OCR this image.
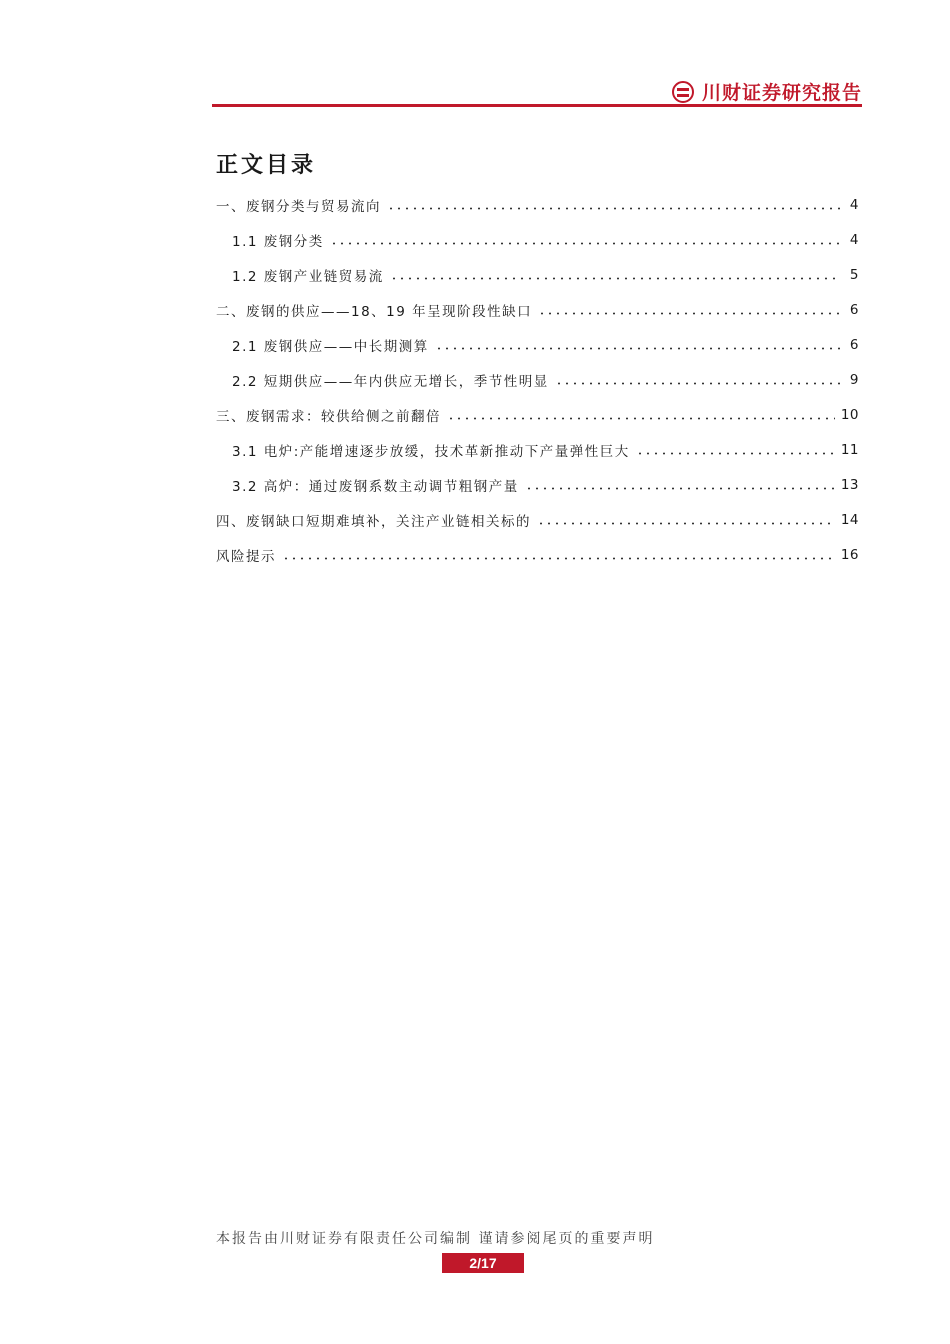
川财证券研究报告
正文目录
一、废钢分类与贸易流向	4
1.1 废钢分类	4
1.2 废钢产业链贸易流	5
二、废钢的供应——18、19 年呈现阶段性缺口	6
2.1 废钢供应——中长期测算	6
2.2 短期供应——年内供应无增长，季节性明显	9
三、废钢需求：较供给侧之前翻倍	10
3.1 电炉:产能增速逐步放缓，技术革新推动下产量弹性巨大	11
3.2 高炉：通过废钢系数主动调节粗钢产量	13
四、废钢缺口短期难填补，关注产业链相关标的	14
风险提示	16
本报告由川财证券有限责任公司编制 谨请参阅尾页的重要声明
2/17
